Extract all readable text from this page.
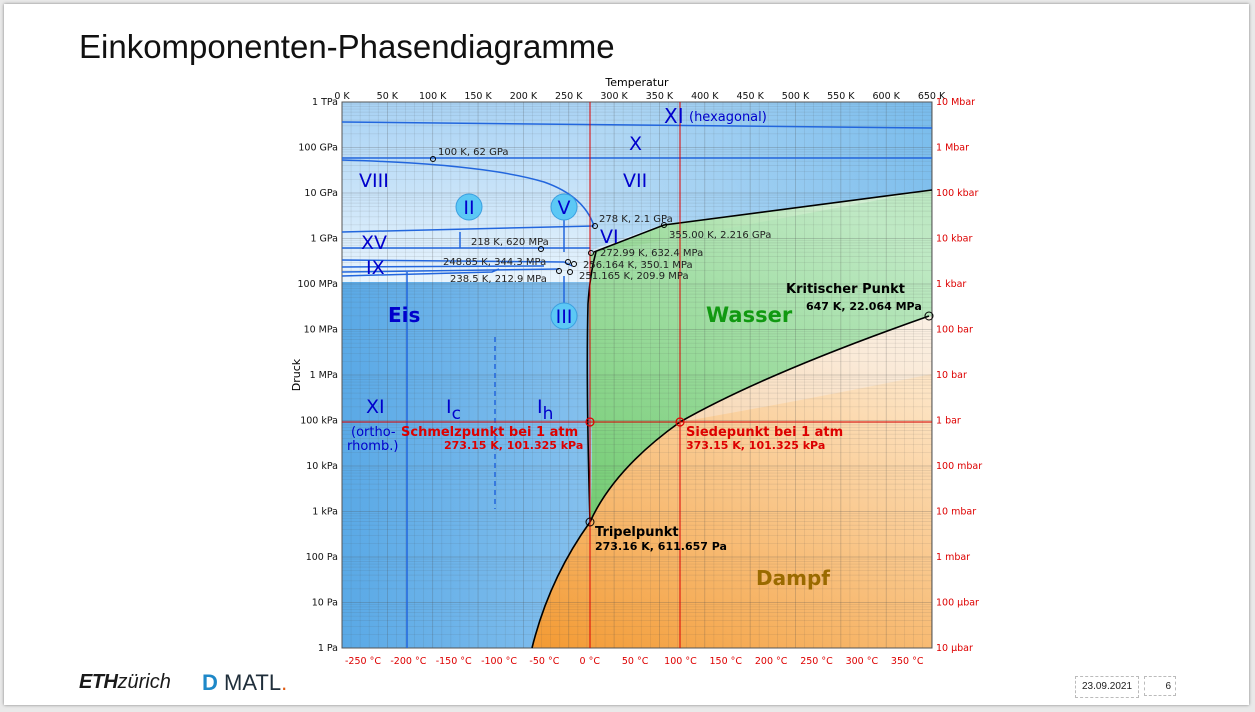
Einkomponenten-Phasendiagramme
0 K	50 K 100 K 150 K 200 K 250 K 300 K 350 K 400 K 450 K 500 K 550 K 600 K 650 K
-250 °C -200 °C -150 °C -100 °C -50 °C 0 °C 50 °C 100 °C 150 °C 200 °C 250 °C 300 °C 350 °C
1 TPa
100 GPa
10 GPa
1 GPa
100 MPa
10 MPa
1 MPa
100 kPa
10 kPa
1 kPa
100 Pa
10 Pa
1 Pa
10 Mbar
1 Mbar
100 kbar
10 kbar
1 kbar
100 bar
10 bar
1 bar
100 mbar
10 mbar
1 mbar
100 µbar
10 µbar
Temperatur
Druck
XI (hexagonal)
X
VIII	VII
II	V
VI
XV
IX
III
Eis
XI
(ortho-
rhomb.)
Ic	Ih
Wasser
Dampf
100 K, 62 GPa
278 K, 2.1 GPa
355.00 K, 2.216 GPa
218 K, 620 MPa
272.99 K, 632.4 MPa
248.85 K, 344.3 MPa	256.164 K, 350.1 MPa
238.5 K, 212.9 MPa	251.165 K, 209.9 MPa
Kritischer Punkt
647 K, 22.064 MPa
Schmelzpunkt bei 1 atm
273.15 K, 101.325 kPa
Siedepunkt bei 1 atm
373.15 K, 101.325 kPa
Tripelpunkt
273.16 K, 611.657 Pa
ETHzürich D MATL.	23.09.2021	6
